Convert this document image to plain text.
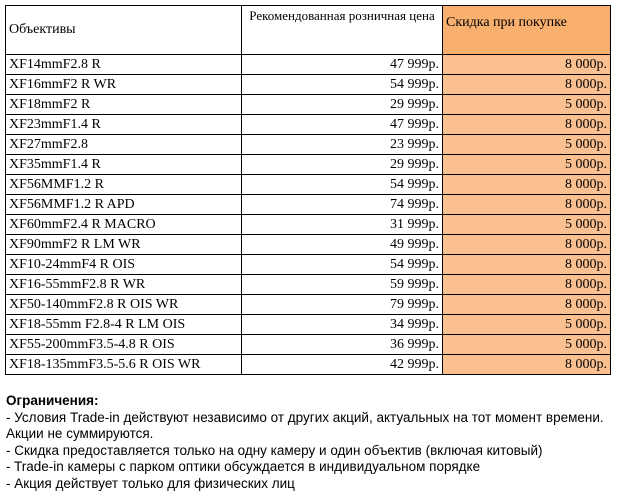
Объективы	Рекомендованная розничная цена	Скидка при покупке
XF14mmF2.8 R	47 999р.	8 000р.
XF16mmF2 R WR	54 999р.	8 000р.
XF18mmF2 R	29 999р.	5 000р.
XF23mmF1.4 R	47 999р.	8 000р.
XF27mmF2.8	23 999р.	5 000р.
XF35mmF1.4 R	29 999р.	5 000р.
XF56MMF1.2 R	54 999р.	8 000р.
XF56MMF1.2 R APD	74 999р.	8 000р.
XF60mmF2.4 R MACRO	31 999р.	5 000р.
XF90mmF2 R LM WR	49 999р.	8 000р.
XF10-24mmF4 R OIS	54 999р.	8 000р.
XF16-55mmF2.8 R WR	59 999р.	8 000р.
XF50-140mmF2.8 R OIS WR	79 999р.	8 000р.
XF18-55mm F2.8-4 R LM OIS	34 999р.	5 000р.
XF55-200mmF3.5-4.8 R OIS	36 999р.	5 000р.
XF18-135mmF3.5-5.6 R OIS WR	42 999р.	8 000р.
Ограничения:
- Условия Trade-in действуют независимо от других акций, актуальных на тот момент времени. Акции не суммируются.
- Скидка предоставляется только на одну камеру и один объектив (включая китовый)
- Trade-in камеры с парком оптики обсуждается в индивидуальном порядке
- Акция действует только для физических лиц
